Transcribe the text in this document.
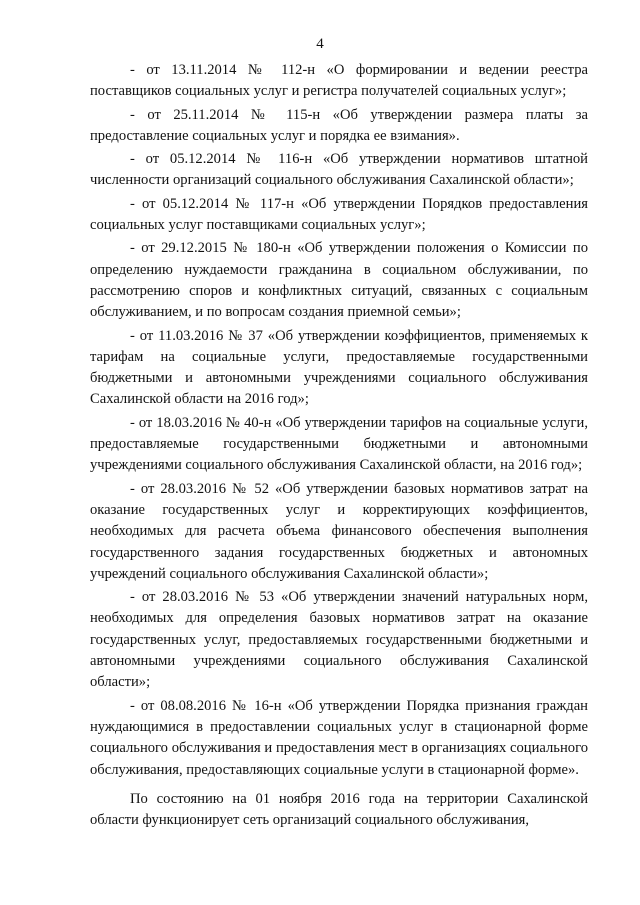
4

- от 13.11.2014 № 112-н «О формировании и ведении реестра поставщиков социальных услуг и регистра получателей социальных услуг»;

- от 25.11.2014 № 115-н «Об утверждении размера платы за предоставление социальных услуг и порядка ее взимания».

- от 05.12.2014 № 116-н «Об утверждении нормативов штатной численности организаций социального обслуживания Сахалинской области»;

- от 05.12.2014 № 117-н «Об утверждении Порядков предоставления социальных услуг поставщиками социальных услуг»;

- от 29.12.2015 № 180-н «Об утверждении положения о Комиссии по определению нуждаемости гражданина в социальном обслуживании, по рассмотрению споров и конфликтных ситуаций, связанных с социальным обслуживанием, и по вопросам создания приемной семьи»;

- от 11.03.2016 № 37 «Об утверждении коэффициентов, применяемых к тарифам на социальные услуги, предоставляемые государственными бюджетными и автономными учреждениями социального обслуживания Сахалинской области на 2016 год»;

- от 18.03.2016 № 40-н «Об утверждении тарифов на социальные услуги, предоставляемые государственными бюджетными и автономными учреждениями социального обслуживания Сахалинской области, на 2016 год»;

- от 28.03.2016 № 52 «Об утверждении базовых нормативов затрат на оказание государственных услуг и корректирующих коэффициентов, необходимых для расчета объема финансового обеспечения выполнения государственного задания государственных бюджетных и автономных учреждений социального обслуживания Сахалинской области»;

- от 28.03.2016 № 53 «Об утверждении значений натуральных норм, необходимых для определения базовых нормативов затрат на оказание государственных услуг, предоставляемых государственными бюджетными и автономными учреждениями социального обслуживания Сахалинской области»;

- от 08.08.2016 № 16-н «Об утверждении Порядка признания граждан нуждающимися в предоставлении социальных услуг в стационарной форме социального обслуживания и предоставления мест в организациях социального обслуживания, предоставляющих социальные услуги в стационарной форме».

По состоянию на 01 ноября 2016 года на территории Сахалинской области функционирует сеть организаций социального обслуживания,
